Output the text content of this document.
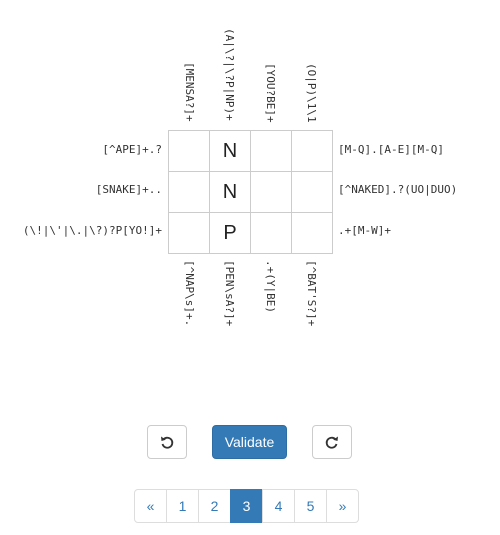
[MENSA?]+ (A|\?|\?P|NP)+	[YOU?BE]+	(O|P)\1\1
[^APE]+.?
[SNAKE]+..
(\!|\'|\.|\?)?P[YO!]+
	N		
	N		
	P		
[M-Q].[A-E][M-Q]
[^NAKED].?(UO|DUO)
.+[M-W]+
[^NAP\s]+. [PEN\sA?]+	.+(Y|BE)	[^BAT'S?]+
Validate
«	1	2	3	4	5	»
